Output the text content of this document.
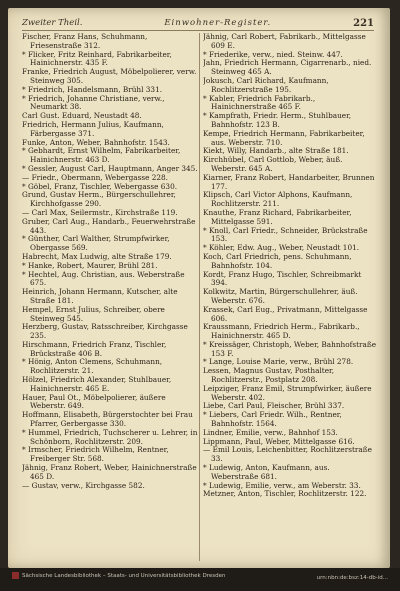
Zweiter Theil.	Einwohner-Register.	221

Fischer, Franz Hans, Schuhmann, Friesenstraße 312.

* Flicker, Fritz Reinhard, Fabrikarbeiter, Hainichnerstr. 435 F.

Franke, Friedrich August, Möbelpolierer, verw. Steinweg 305.

* Friedrich, Handelsmann, Brühl 331.

* Friedrich, Johanne Christiane, verw., Neumarkt 38.

Carl Gust. Eduard, Neustadt 48.

Friedrich, Hermann Julius, Kaufmann, Färbergasse 371.

Funke, Anton, Weber, Bahnhofstr. 1543.

* Gebhardt, Ernst Wilhelm, Fabrikarbeiter, Hainichnerstr. 463 D.

* Gessler, August Carl, Hauptmann, Anger 345.

— Friedr., Obermann, Webergasse 228.

* Göbel, Franz, Tischler, Webergasse 630.

Grund, Gustav Herm., Bürgerschullehrer, Kirchhofgasse 290.

— Carl Max, Seilermstr., Kirchstraße 119.

Gruber, Carl Aug., Handarb., Feuerwehrstraße 443.

* Günther, Carl Walther, Strumpfwirker, Obergasse 569.

Habrecht, Max Ludwig, alte Straße 179.

* Hanke, Robert, Maurer, Brühl 281.

* Hechtel, Aug. Christian, aus. Weberstraße 675.

Heinrich, Johann Hermann, Kutscher, alte Straße 181.

Hempel, Ernst Julius, Schreiber, obere Steinweg 545.

Herzberg, Gustav, Ratsschreiber, Kirchgasse 235.

Hirschmann, Friedrich Franz, Tischler, Brückstraße 406 B.

* Hönig, Anton Clemens, Schuhmann, Rochlitzerstr. 21.

Hölzel, Friedrich Alexander, Stuhlbauer, Hainichnerstr. 465 E.

Hauer, Paul Ot., Möbelpolierer, äußere Weberstr. 649.

Hoffmann, Elisabeth, Bürgerstochter bei Frau Pfarrer, Gerbergasse 330.

* Hummel, Friedrich, Tuchscherer u. Lehrer, in Schönborn, Rochlitzerstr. 209.

* Irmscher, Friedrich Wilhelm, Rentner, Freiberger Str. 568.

Jähnig, Franz Robert, Weber, Hainichnerstraße 465 D.

— Gustav, verw., Kirchgasse 582.

Jähnig, Carl Robert, Fabrikarb., Mittelgasse 609 E.

* Friederike, verw., nied. Steinw. 447.

Jahn, Friedrich Hermann, Cigarrenarb., nied. Steinweg 465 A.

Jokusch, Carl Richard, Kaufmann, Rochlitzerstraße 195.

* Kabler, Friedrich Fabrikarb., Hainichnerstraße 465 F.

* Kampfrath, Friedr. Herm., Stuhlbauer, Bahnhofstr. 123 B.

Kempe, Friedrich Hermann, Fabrikarbeiter, aus. Weberstr. 710.

Kiekt, Willy, Handarb., alte Straße 181.

Kirchhübel, Carl Gottlob, Weber, äuß. Weberstr. 645 A.

Kiarner, Franz Robert, Handarbeiter, Brunnen 177.

Klipsch, Carl Victor Alphons, Kaufmann, Rochlitzerstr. 211.

Knauthe, Franz Richard, Fabrikarbeiter, Mittelgasse 591.

* Knoll, Carl Friedr., Schneider, Brückstraße 153.

* Köhler, Edw. Aug., Weber, Neustadt 101.

Koch, Carl Friedrich, pens. Schuhmann, Bahnhofstr. 104.

Kordt, Franz Hugo, Tischler, Schreibmarkt 394.

Kolkwitz, Martin, Bürgerschullehrer, äuß. Weberstr. 676.

Krassek, Carl Eug., Privatmann, Mittelgasse 606.

Kraussmann, Friedrich Herm., Fabrikarb., Hainichnerstr. 465 D.

* Kreissäger, Christoph, Weber, Bahnhofstraße 153 F.

* Lange, Louise Marie, verw., Brühl 278.

Lessen, Magnus Gustav, Posthalter, Rochlitzerstr., Postplatz 208.

Leipziger, Franz Emil, Strumpfwirker, äußere Weberstr. 402.

Liebe, Carl Paul, Fleischer, Brühl 337.

* Liebers, Carl Friedr. Wilh., Rentner, Bahnhofstr. 1564.

Lindner, Emilie, verw., Bahnhof 153.

Lippmann, Paul, Weber, Mittelgasse 616.

— Emil Louis, Leichenbitter, Rochlitzerstraße 33.

* Ludewig, Anton, Kaufmann, aus. Weberstraße 681.

* Ludewig, Emilie, verw., am Weberstr. 33.

Metzner, Anton, Tischler, Rochlitzerstr. 122.

Sächsische Landesbibliothek – Staats- und Universitätsbibliothek Dresden	urn:nbn:de:bsz:14-db-id...
